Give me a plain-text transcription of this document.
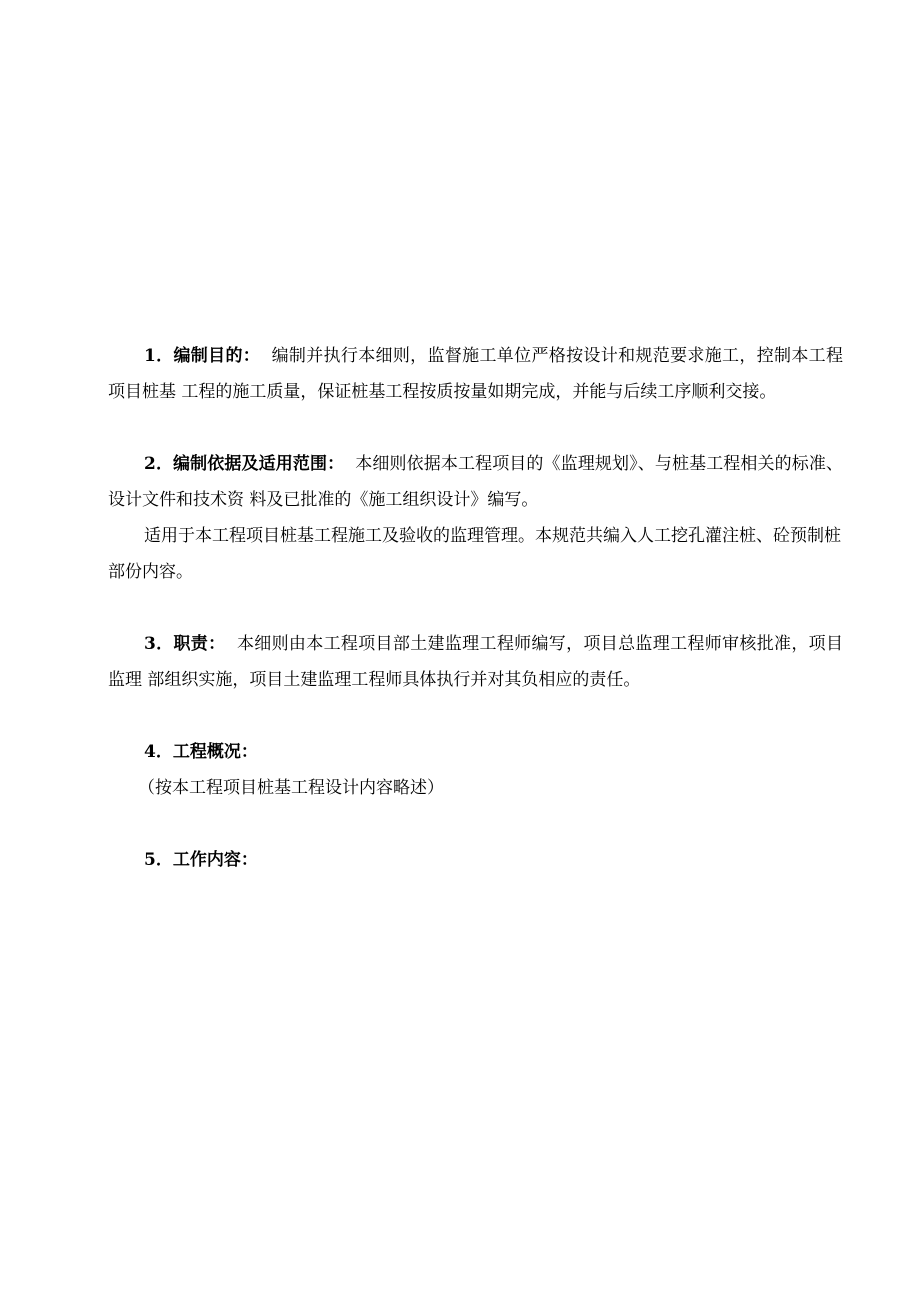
1．编制目的： 编制并执行本细则，监督施工单位严格按设计和规范要求施工，控制本工程项目桩基 工程的施工质量，保证桩基工程按质按量如期完成，并能与后续工序顺利交接。

2．编制依据及适用范围： 本细则依据本工程项目的《监理规划》、与桩基工程相关的标准、设计文件和技术资 料及已批准的《施工组织设计》编写。

适用于本工程项目桩基工程施工及验收的监理管理。本规范共编入人工挖孔灌注桩、砼预制桩部份内容。

3．职责： 本细则由本工程项目部土建监理工程师编写，项目总监理工程师审核批准，项目监理 部组织实施，项目土建监理工程师具体执行并对其负相应的责任。

4．工程概况：

（按本工程项目桩基工程设计内容略述）

5．工作内容：
